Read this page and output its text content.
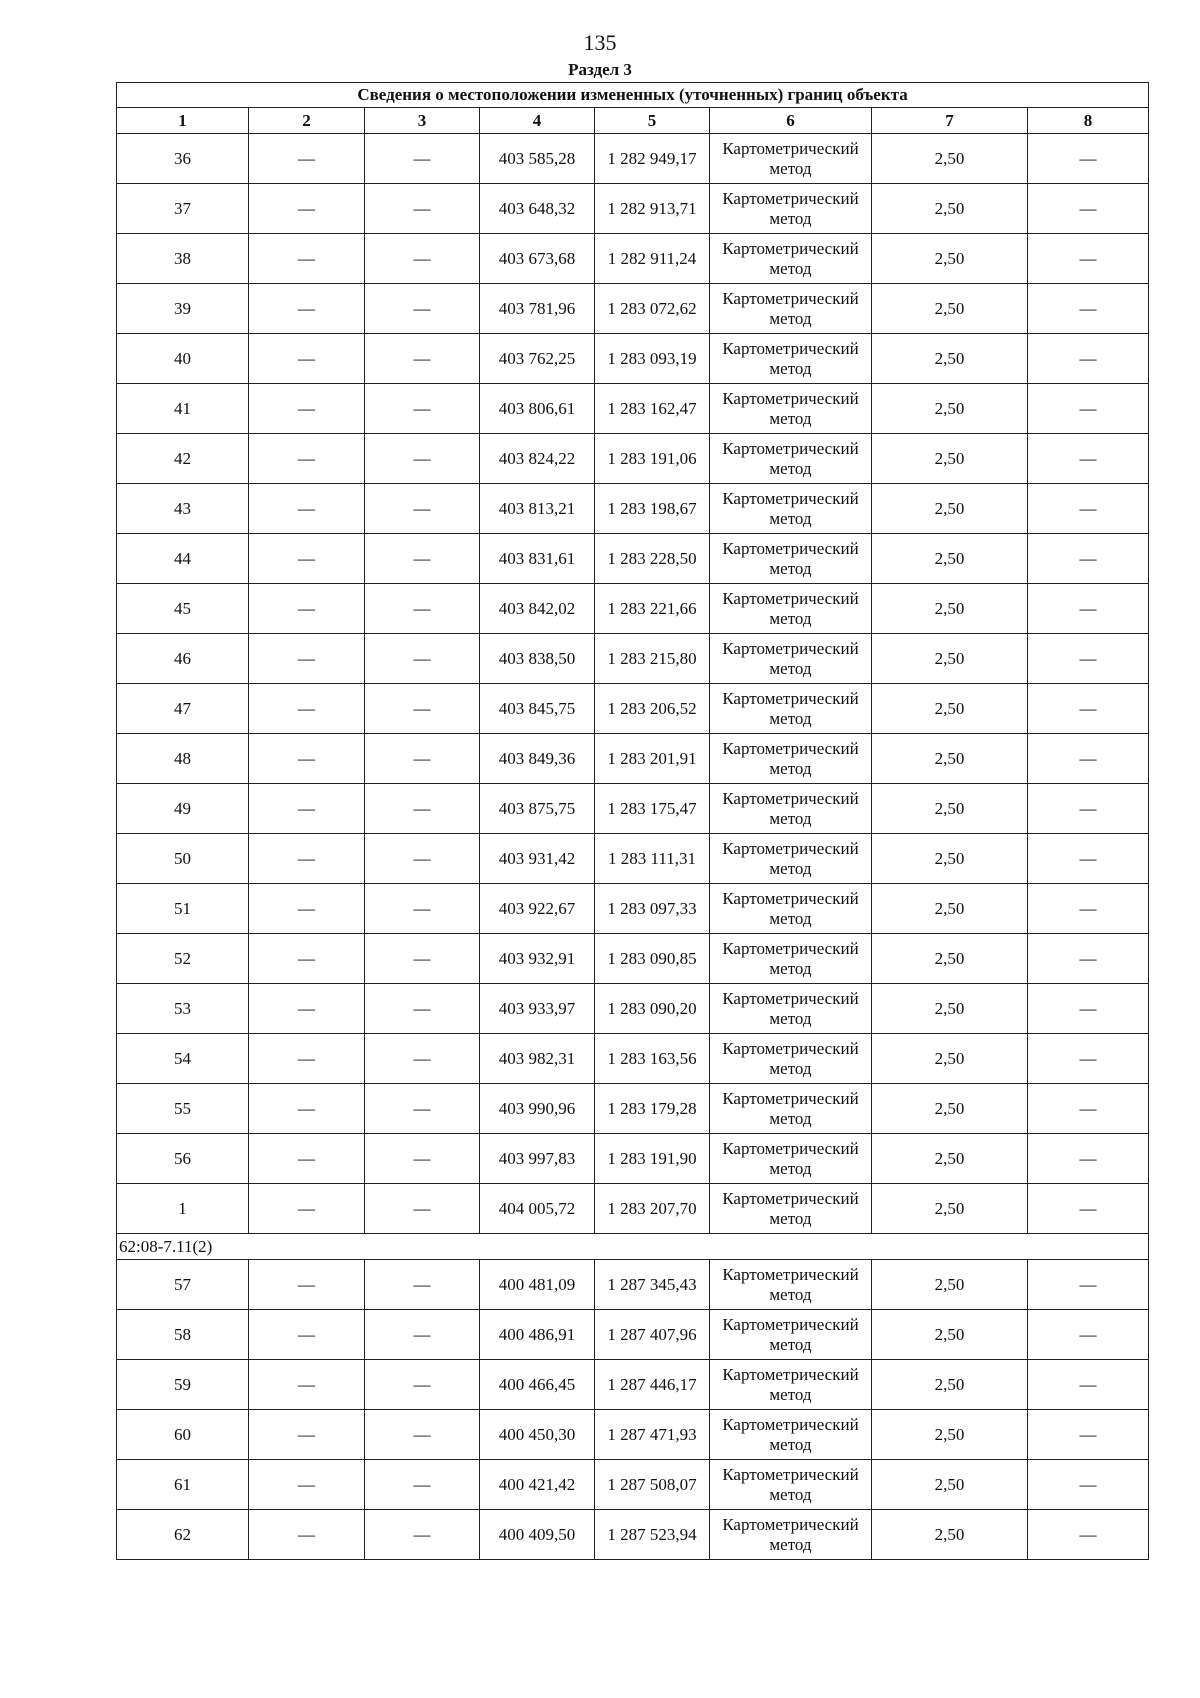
135
Раздел 3
Сведения о местоположении измененных (уточненных) границ объекта							
1	2	3	4	5	6	7	8
36	—	—	403 585,28	1 282 949,17	Картометрический метод	2,50	—
37	—	—	403 648,32	1 282 913,71	Картометрический метод	2,50	—
38	—	—	403 673,68	1 282 911,24	Картометрический метод	2,50	—
39	—	—	403 781,96	1 283 072,62	Картометрический метод	2,50	—
40	—	—	403 762,25	1 283 093,19	Картометрический метод	2,50	—
41	—	—	403 806,61	1 283 162,47	Картометрический метод	2,50	—
42	—	—	403 824,22	1 283 191,06	Картометрический метод	2,50	—
43	—	—	403 813,21	1 283 198,67	Картометрический метод	2,50	—
44	—	—	403 831,61	1 283 228,50	Картометрический метод	2,50	—
45	—	—	403 842,02	1 283 221,66	Картометрический метод	2,50	—
46	—	—	403 838,50	1 283 215,80	Картометрический метод	2,50	—
47	—	—	403 845,75	1 283 206,52	Картометрический метод	2,50	—
48	—	—	403 849,36	1 283 201,91	Картометрический метод	2,50	—
49	—	—	403 875,75	1 283 175,47	Картометрический метод	2,50	—
50	—	—	403 931,42	1 283 111,31	Картометрический метод	2,50	—
51	—	—	403 922,67	1 283 097,33	Картометрический метод	2,50	—
52	—	—	403 932,91	1 283 090,85	Картометрический метод	2,50	—
53	—	—	403 933,97	1 283 090,20	Картометрический метод	2,50	—
54	—	—	403 982,31	1 283 163,56	Картометрический метод	2,50	—
55	—	—	403 990,96	1 283 179,28	Картометрический метод	2,50	—
56	—	—	403 997,83	1 283 191,90	Картометрический метод	2,50	—
1	—	—	404 005,72	1 283 207,70	Картометрический метод	2,50	—
62:08-7.11(2)							
57	—	—	400 481,09	1 287 345,43	Картометрический метод	2,50	—
58	—	—	400 486,91	1 287 407,96	Картометрический метод	2,50	—
59	—	—	400 466,45	1 287 446,17	Картометрический метод	2,50	—
60	—	—	400 450,30	1 287 471,93	Картометрический метод	2,50	—
61	—	—	400 421,42	1 287 508,07	Картометрический метод	2,50	—
62	—	—	400 409,50	1 287 523,94	Картометрический метод	2,50	—
